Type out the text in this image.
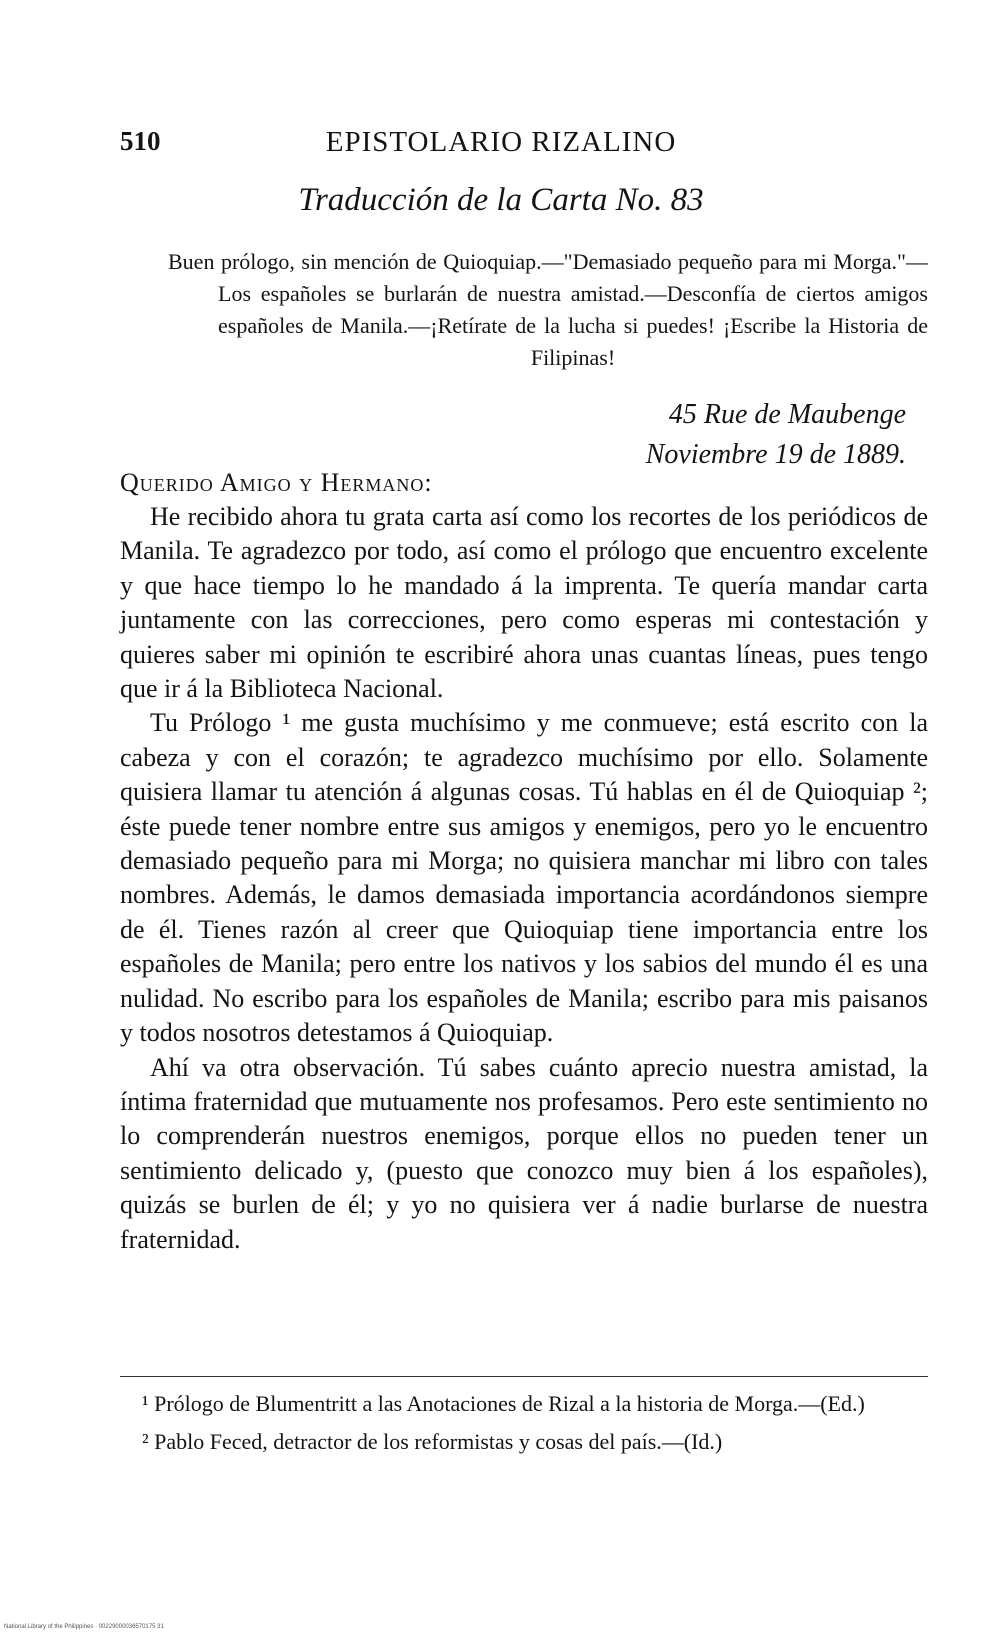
510	EPISTOLARIO RIZALINO
Traducción de la Carta No. 83
Buen prólogo, sin mención de Quioquiap.—"Demasiado pequeño para mi Morga."—Los españoles se burlarán de nuestra amistad.—Desconfía de ciertos amigos españoles de Manila.—¡Retírate de la lucha si puedes! ¡Escribe la Historia de Filipinas!
45 Rue de Maubenge
Noviembre 19 de 1889.
Querido Amigo y Hermano:

He recibido ahora tu grata carta así como los recortes de los periódicos de Manila. Te agradezco por todo, así como el prólogo que encuentro excelente y que hace tiempo lo he mandado á la imprenta. Te quería mandar carta juntamente con las correcciones, pero como esperas mi contestación y quieres saber mi opinión te escribiré ahora unas cuantas líneas, pues tengo que ir á la Biblioteca Nacional.

Tu Prólogo ¹ me gusta muchísimo y me conmueve; está escrito con la cabeza y con el corazón; te agradezco muchísimo por ello. Solamente quisiera llamar tu atención á algunas cosas. Tú hablas en él de Quioquiap ²; éste puede tener nombre entre sus amigos y enemigos, pero yo le encuentro demasiado pequeño para mi Morga; no quisiera manchar mi libro con tales nombres. Además, le damos demasiada importancia acordándonos siempre de él. Tienes razón al creer que Quioquiap tiene importancia entre los españoles de Manila; pero entre los nativos y los sabios del mundo él es una nulidad. No escribo para los españoles de Manila; escribo para mis paisanos y todos nosotros detestamos á Quioquiap.

Ahí va otra observación. Tú sabes cuánto aprecio nuestra amistad, la íntima fraternidad que mutuamente nos profesamos. Pero este sentimiento no lo comprenderán nuestros enemigos, porque ellos no pueden tener un sentimiento delicado y, (puesto que conozco muy bien á los españoles), quizás se burlen de él; y yo no quisiera ver á nadie burlarse de nuestra fraternidad.

¹ Prólogo de Blumentritt a las Anotaciones de Rizal a la historia de Morga.—(Ed.)

² Pablo Feced, detractor de los reformistas y cosas del país.—(Id.)

National Library of the Philippines · 00229000036570175 31
